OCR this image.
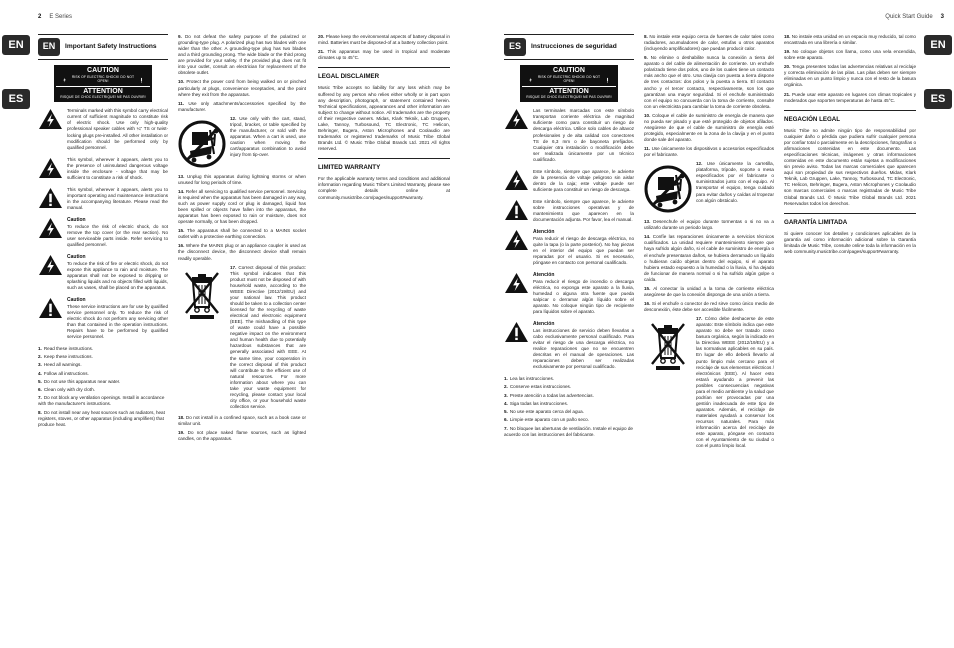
2 E Series
EN
ES
EN	Important Safety Instructions
CAUTION
RISK OF ELECTRIC SHOCK! DO NOT OPEN!
ATTENTION
RISQUE DE CHOC ELECTRIQUE! NE PAS OUVRIR!
Terminals marked with this symbol carry electrical current of sufficient magnitude to constitute risk of electric shock. Use only high-quality professional speaker cables with ¼" TS or twist-locking plugs pre-installed. All other installation or modification should be performed only by qualified personnel.
This symbol, wherever it appears, alerts you to the presence of uninsulated dangerous voltage inside the enclosure - voltage that may be sufficient to constitute a risk of shock.
This symbol, wherever it appears, alerts you to important operating and maintenance instructions in the accompanying literature. Please read the manual.
Caution
To reduce the risk of electric shock, do not remove the top cover (or the rear section). No user serviceable parts inside. Refer servicing to qualified personnel.
Caution
To reduce the risk of fire or electric shock, do not expose this appliance to rain and moisture. The apparatus shall not be exposed to dripping or splashing liquids and no objects filled with liquids, such as vases, shall be placed on the apparatus.
Caution
These service instructions are for use by qualified service personnel only. To reduce the risk of electric shock do not perform any servicing other than that contained in the operation instructions. Repairs have to be performed by qualified service personnel.
1. Read these instructions.
2. Keep these instructions.
3. Heed all warnings.
4. Follow all instructions.
5. Do not use this apparatus near water.
6. Clean only with dry cloth.
7. Do not block any ventilation openings. Install in accordance with the manufacturer's instructions.
8. Do not install near any heat sources such as radiators, heat registers, stoves, or other apparatus (including amplifiers) that produce heat.
9. Do not defeat the safety purpose of the polarized or grounding-type plug. A polarized plug has two blades with one wider than the other. A grounding-type plug has two blades and a third grounding prong. The wide blade or the third prong are provided for your safety. If the provided plug does not fit into your outlet, consult an electrician for replacement of the obsolete outlet.
10. Protect the power cord from being walked on or pinched particularly at plugs, convenience receptacles, and the point where they exit from the apparatus.
11. Use only attachments/accessories specified by the manufacturer.
12. Use only with the cart, stand, tripod, bracket, or table specified by the manufacturer, or sold with the apparatus. When a cart is used, use caution when moving the cart/apparatus combination to avoid injury from tip-over.
13. Unplug this apparatus during lightning storms or when unused for long periods of time.
14. Refer all servicing to qualified service personnel. Servicing is required when the apparatus has been damaged in any way, such as power supply cord or plug is damaged, liquid has been spilled or objects have fallen into the apparatus, the apparatus has been exposed to rain or moisture, does not operate normally, or has been dropped.
15. The apparatus shall be connected to a MAINS socket outlet with a protective earthing connection.
16. Where the MAINS plug or an appliance coupler is used as the disconnect device, the disconnect device shall remain readily operable.
17. Correct disposal of this product: This symbol indicates that this product must not be disposed of with household waste, according to the WEEE Directive (2012/19/EU) and your national law. This product should be taken to a collection center licensed for the recycling of waste electrical and electronic equipment (EEE). The mishandling of this type of waste could have a possible negative impact on the environment and human health due to potentially hazardous substances that are generally associated with EEE. At the same time, your cooperation in the correct disposal of this product will contribute to the efficient use of natural resources. For more information about where you can take your waste equipment for recycling, please contact your local city office, or your household waste collection service.
18. Do not install in a confined space, such as a book case or similar unit.
19. Do not place naked flame sources, such as lighted candles, on the apparatus.
20. Please keep the environmental aspects of battery disposal in mind. Batteries must be disposed-of at a battery collection point.
21. This apparatus may be used in tropical and moderate climates up to 45°C.
LEGAL DISCLAIMER
Music Tribe accepts no liability for any loss which may be suffered by any person who relies either wholly or in part upon any description, photograph, or statement contained herein. Technical specifications, appearances and other information are subject to change without notice. All trademarks are the property of their respective owners. Midas, Klark Teknik, Lab Gruppen, Lake, Tannoy, Turbosound, TC Electronic, TC Helicon, Behringer, Bugera, Aston Microphones and Coolaudio are trademarks or registered trademarks of Music Tribe Global Brands Ltd. © Music Tribe Global Brands Ltd. 2021 All rights reserved.
LIMITED WARRANTY
For the applicable warranty terms and conditions and additional information regarding Music Tribe's Limited Warranty, please see complete details online at community.musictribe.com/pages/support#warranty.
Quick Start Guide 3
EN
ES
ES	Instrucciones de seguridad
CAUTION
RISK OF ELECTRIC SHOCK! DO NOT OPEN!
ATTENTION
RISQUE DE CHOC ELECTRIQUE! NE PAS OUVRIR!
Las terminales marcadas con este símbolo transportan corriente eléctrica de magnitud suficiente como para constituir un riesgo de descarga eléctrica. Utilice solo cables de altavoz profesionales y de alta calidad con conectores TS de 6,3 mm o de bayoneta prefijados. Cualquier otra instalación o modificación debe ser realizada únicamente por un técnico cualificado.
Este símbolo, siempre que aparece, le advierte de la presencia de voltaje peligroso sin aislar dentro de la caja; este voltaje puede ser suficiente para constituir un riesgo de descarga.
Este símbolo, siempre que aparece, le advierte sobre instrucciones operativas y de mantenimiento que aparecen en la documentación adjunta. Por favor, lea el manual.
Atención
Para reducir el riesgo de descarga eléctrica, no quite la tapa (o la parte posterior). No hay piezas en el interior del equipo que puedan ser reparadas por el usuario. Si es necesario, póngase en contacto con personal cualificado.
Atención
Para reducir el riesgo de incendio o descarga eléctrica, no exponga este aparato a la lluvia, humedad o alguna otra fuente que pueda salpicar o derramar algún líquido sobre el aparato. No coloque ningún tipo de recipiente para líquidos sobre el aparato.
Atención
Las instrucciones de servicio deben llevarlas a cabo exclusivamente personal cualificado. Para evitar el riesgo de una descarga eléctrica, no realice reparaciones que no se encuentren descritas en el manual de operaciones. Las reparaciones deben ser realizadas exclusivamente por personal cualificado.
1. Lea las instrucciones.
2. Conserve estas instrucciones.
3. Preste atención a todas las advertencias.
4. Siga todas las instrucciones.
5. No use este aparato cerca del agua.
6. Limpie este aparato con un paño seco.
7. No bloquee las aberturas de ventilación. Instale el equipo de acuerdo con las instrucciones del fabricante.
8. No instale este equipo cerca de fuentes de calor tales como radiadores, acumuladores de calor, estufas u otros aparatos (incluyendo amplificadores) que puedan producir calor.
9. No elimine o deshabilite nunca la conexión a tierra del aparato o del cable de alimentación de corriente. Un enchufe polarizado tiene dos polos, uno de los cuales tiene un contacto más ancho que el otro. Una clavija con puesta a tierra dispone de tres contactos: dos polos y la puesta a tierra. El contacto ancho y el tercer contacto, respectivamente, son los que garantizan una mayor seguridad. Si el enchufe suministrado con el equipo no concuerda con la toma de corriente, consulte con un electricista para cambiar la toma de corriente obsoleta.
10. Coloque el cable de suministro de energía de manera que no pueda ser pisado y que esté protegido de objetos afilados. Asegúrese de que el cable de suministro de energía esté protegido, especialmente en la zona de la clavija y en el punto donde sale del aparato.
11. Use únicamente los dispositivos o accesorios especificados por el fabricante.
12. Use únicamente la carretilla, plataforma, trípode, soporte o mesa especificados por el fabricante o suministrados junto con el equipo. Al transportar el equipo, tenga cuidado para evitar daños y caídas al tropezar con algún obstáculo.
13. Desenchufe el equipo durante tormentas o si no va a utilizarlo durante un periodo largo.
14. Confíe las reparaciones únicamente a servicios técnicos cualificados. La unidad requiere mantenimiento siempre que haya sufrido algún daño, si el cable de suministro de energía o el enchufe presentaran daños, se hubiera derramado un líquido o hubieran caído objetos dentro del equipo, si el aparato hubiera estado expuesto a la humedad o la lluvia, si ha dejado de funcionar de manera normal o si ha sufrido algún golpe o caída.
15. Al conectar la unidad a la toma de corriente eléctrica asegúrese de que la conexión disponga de una unión a tierra.
16. Si el enchufe o conector de red sirve como único medio de desconexión, éste debe ser accesible fácilmente.
17. Cómo debe deshacerse de este aparato: Este símbolo indica que este aparato no debe ser tratado como basura orgánica, según la indicado en la Directiva WEEE (2012/19/EU) y a las normativas aplicables en su país. En lugar de ello deberá llevarlo al punto limpio más cercano para el reciclaje de sus elementos eléctricos / electrónicos (EEE). Al hacer esto estará ayudando a prevenir las posibles consecuencias negativas para el medio ambiente y la salud que podrían ser provocadas por una gestión inadecuada de este tipo de aparatos. Además, el reciclaje de materiales ayudará a conservar los recursos naturales. Para más información acerca del reciclaje de este aparato, póngase en contacto con el Ayuntamiento de su ciudad o con el punto limpio local.
18. No instale esta unidad en un espacio muy reducido, tal como encastrada en una librería o similar.
19. No coloque objetos con llama, como una vela encendida, sobre este aparato.
20. Tenga presentes todas las advertencias relativas al reciclaje y correcta eliminación de las pilas. Las pilas deben ser siempre eliminadas en un punto limpio y nunca con el resto de la basura orgánica.
21. Puede usar este aparato en lugares con climas tropicales y moderados que soporten temperaturas de hasta 45°C.
NEGACIÓN LEGAL
Music Tribe no admite ningún tipo de responsabilidad por cualquier daño o pérdida que pudiera sufrir cualquier persona por confiar total o parcialmente en la descripciones, fotografías o afirmaciones contenidas en este documento. Las especificaciones técnicas, imágenes y otras informaciones contenidas en este documento están sujetas a modificaciones sin previo aviso. Todas las marcas comerciales que aparecen aquí son propiedad de sus respectivos dueños. Midas, Klark Teknik, Lab Gruppen, Lake, Tannoy, Turbosound, TC Electronic, TC Helicon, Behringer, Bugera, Aston Microphones y Coolaudio son marcas comerciales o marcas registradas de Music Tribe Global Brands Ltd. © Music Tribe Global Brands Ltd. 2021 Reservados todos los derechos.
GARANTÍA LIMITADA
Si quiere conocer los detalles y condiciones aplicables de la garantía así como información adicional sobre la Garantía limitada de Music Tribe, consulte online toda la información en la web community.musictribe.com/pages/support#warranty.
